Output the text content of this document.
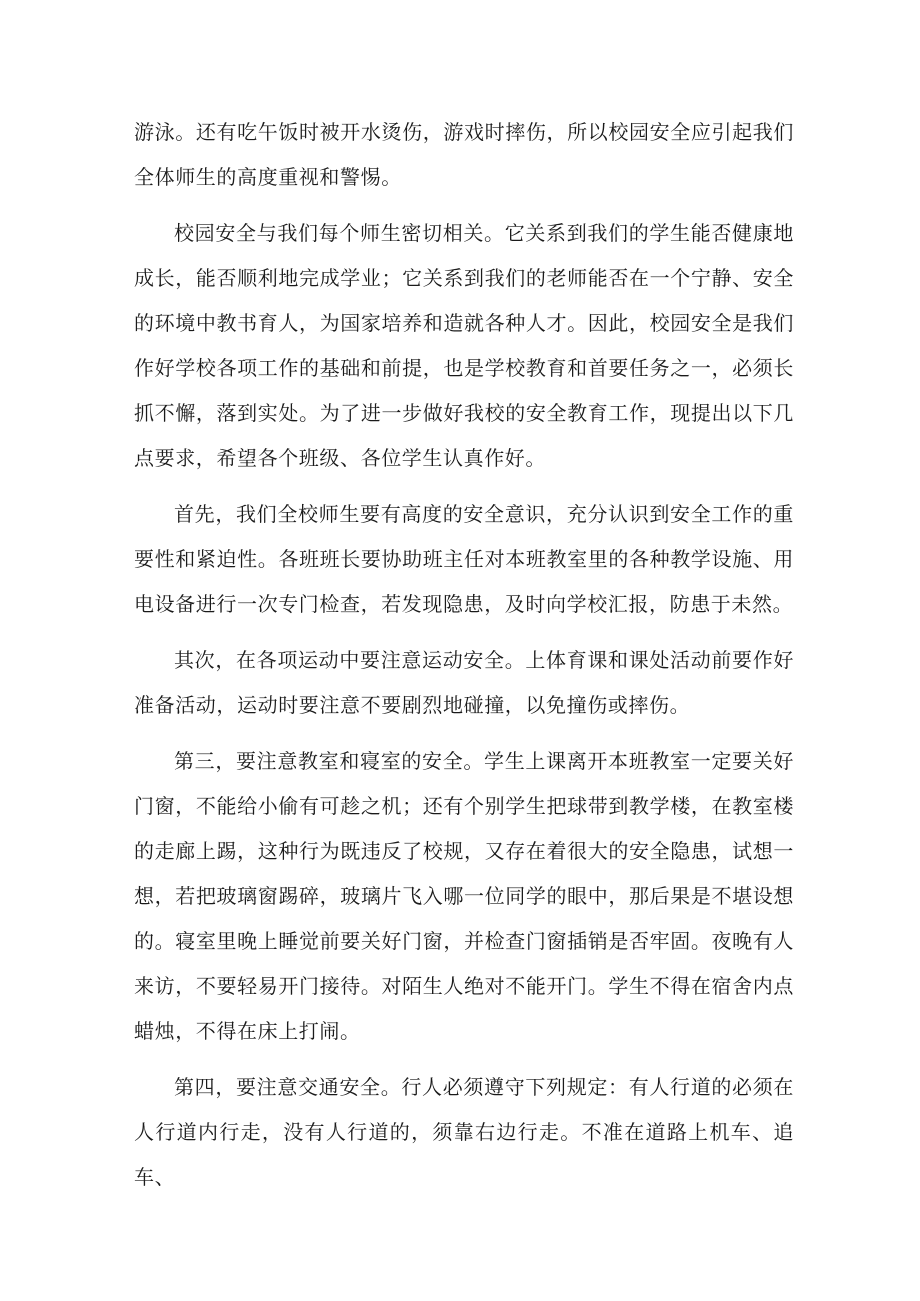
游泳。还有吃午饭时被开水烫伤，游戏时摔伤，所以校园安全应引起我们全体师生的高度重视和警惕。

校园安全与我们每个师生密切相关。它关系到我们的学生能否健康地成长，能否顺利地完成学业；它关系到我们的老师能否在一个宁静、安全的环境中教书育人，为国家培养和造就各种人才。因此，校园安全是我们作好学校各项工作的基础和前提，也是学校教育和首要任务之一，必须长抓不懈，落到实处。为了进一步做好我校的安全教育工作，现提出以下几点要求，希望各个班级、各位学生认真作好。

首先，我们全校师生要有高度的安全意识，充分认识到安全工作的重要性和紧迫性。各班班长要协助班主任对本班教室里的各种教学设施、用电设备进行一次专门检查，若发现隐患，及时向学校汇报，防患于未然。

其次，在各项运动中要注意运动安全。上体育课和课处活动前要作好准备活动，运动时要注意不要剧烈地碰撞，以免撞伤或摔伤。

第三，要注意教室和寝室的安全。学生上课离开本班教室一定要关好门窗，不能给小偷有可趁之机；还有个别学生把球带到教学楼，在教室楼的走廊上踢，这种行为既违反了校规，又存在着很大的安全隐患，试想一想，若把玻璃窗踢碎，玻璃片飞入哪一位同学的眼中，那后果是不堪设想的。寝室里晚上睡觉前要关好门窗，并检查门窗插销是否牢固。夜晚有人来访，不要轻易开门接待。对陌生人绝对不能开门。学生不得在宿舍内点蜡烛，不得在床上打闹。

第四，要注意交通安全。行人必须遵守下列规定：有人行道的必须在人行道内行走，没有人行道的，须靠右边行走。不准在道路上机车、追车、
